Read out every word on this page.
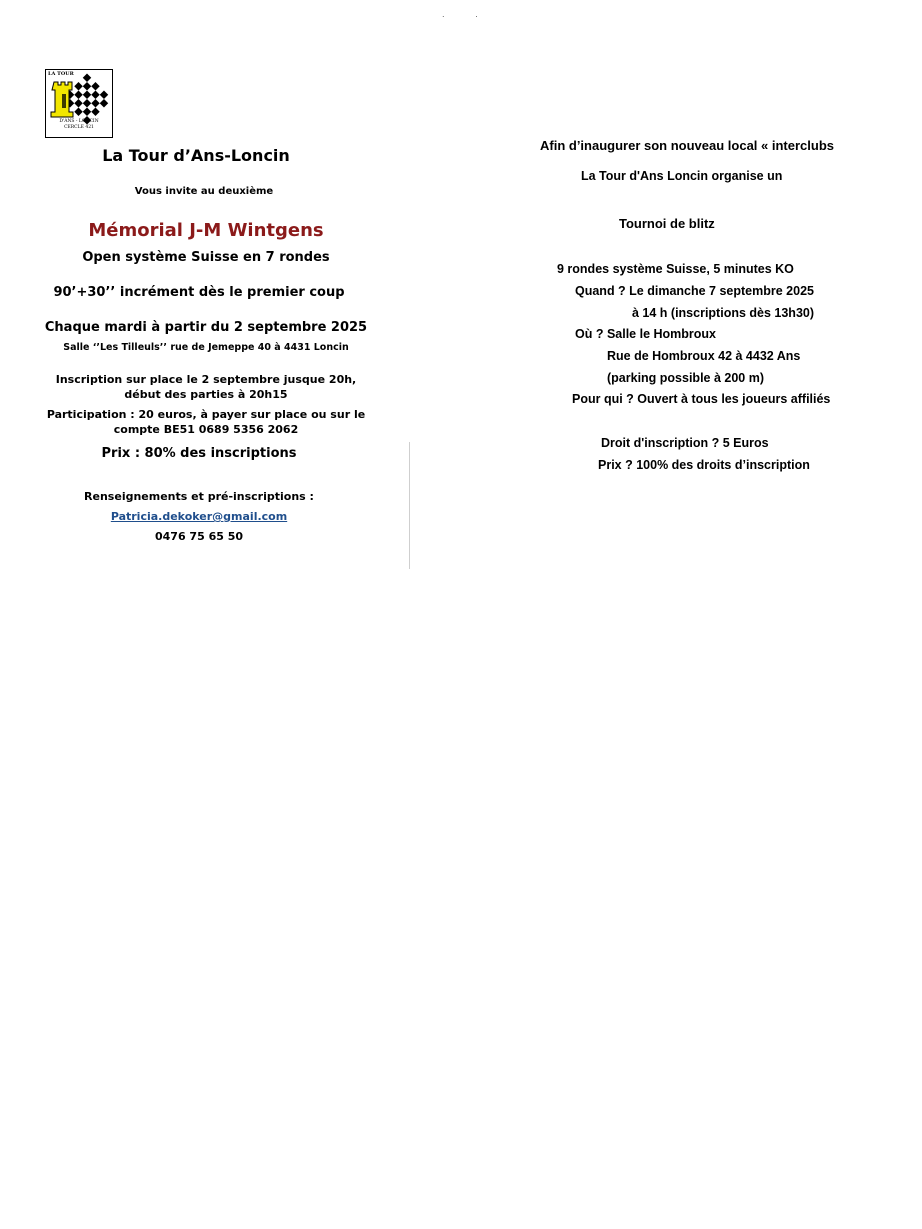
. .
LA TOUR
D'ANS - LONCIN
CERCLE 421
La Tour d’Ans-Loncin
Vous invite au deuxième
Mémorial J-M Wintgens
Open système Suisse en 7 rondes
90’+30’’ incrément dès le premier coup
Chaque mardi à partir du 2 septembre 2025
Salle ‘’Les Tilleuls’’ rue de Jemeppe 40 à 4431 Loncin
Inscription sur place le 2 septembre jusque 20h,
début des parties à 20h15
Participation : 20 euros, à payer sur place ou sur le
compte BE51 0689 5356 2062
Prix : 80% des inscriptions
Renseignements et pré-inscriptions :
Patricia.dekoker@gmail.com
0476 75 65 50
Afin d’inaugurer son nouveau local « interclubs
La Tour d'Ans Loncin organise un
Tournoi de blitz
9 rondes système Suisse, 5 minutes KO
Quand ? Le dimanche 7 septembre 2025
à 14 h (inscriptions dès 13h30)
Où ? Salle le Hombroux
Rue de Hombroux 42 à 4432 Ans
(parking possible à 200 m)
Pour qui ? Ouvert à tous les joueurs affiliés
Droit d'inscription ? 5 Euros
Prix ? 100% des droits d’inscription
